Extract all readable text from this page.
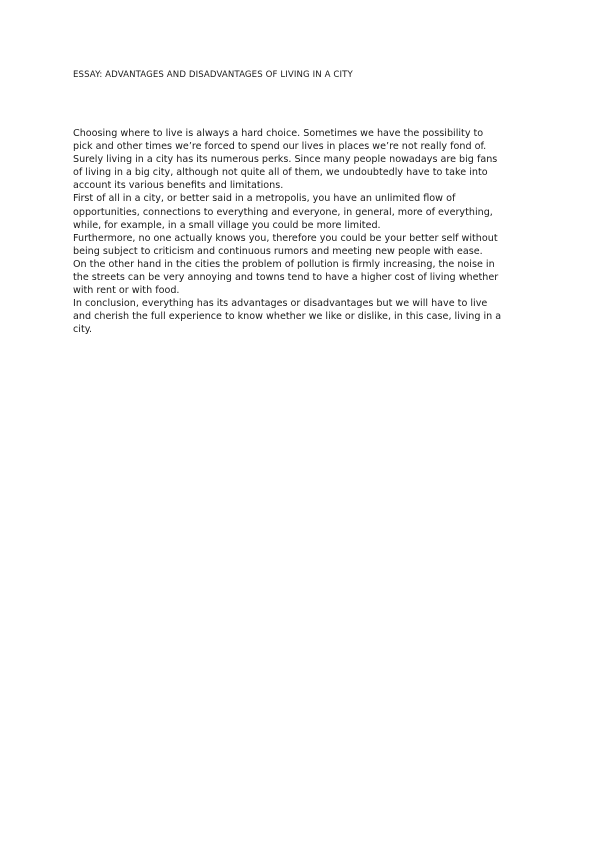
ESSAY: ADVANTAGES AND DISADVANTAGES OF LIVING IN A CITY
Choosing where to live is always a hard choice. Sometimes we have the possibility to
pick and other times we’re forced to spend our lives in places we’re not really fond of.
Surely living in a city has its numerous perks. Since many people nowadays are big fans
of living in a big city, although not quite all of them, we undoubtedly have to take into
account its various benefits and limitations.
First of all in a city, or better said in a metropolis, you have an unlimited flow of
opportunities, connections to everything and everyone, in general, more of everything,
while, for example, in a small village you could be more limited.
Furthermore, no one actually knows you, therefore you could be your better self without
being subject to criticism and continuous rumors and meeting new people with ease.
On the other hand in the cities the problem of pollution is firmly increasing, the noise in
the streets can be very annoying and towns tend to have a higher cost of living whether
with rent or with food.
In conclusion, everything has its advantages or disadvantages but we will have to live
and cherish the full experience to know whether we like or dislike, in this case, living in a
city.
